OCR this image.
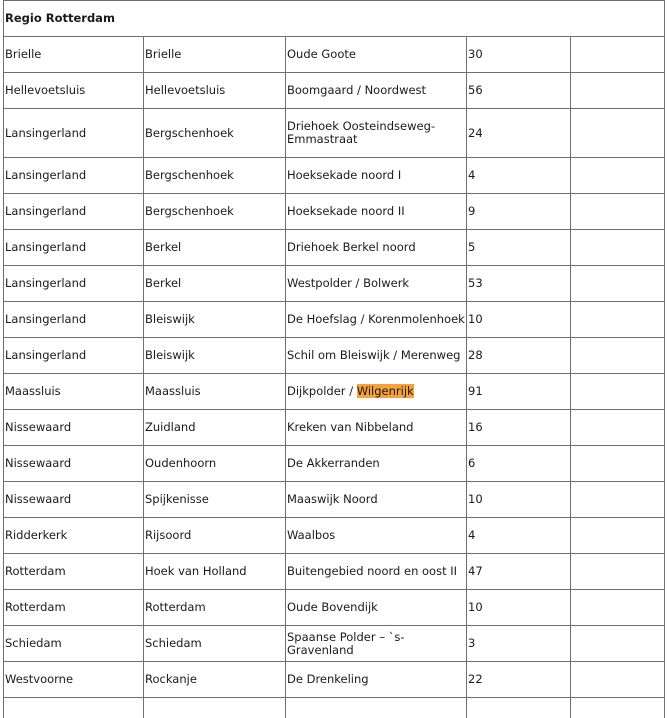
Regio Rotterdam				
Brielle	Brielle	Oude Goote	30	
Hellevoetsluis	Hellevoetsluis	Boomgaard / Noordwest	56	
Lansingerland	Bergschenhoek	Driehoek Oosteindseweg-Emmastraat	24	
Lansingerland	Bergschenhoek	Hoeksekade noord I	4	
Lansingerland	Bergschenhoek	Hoeksekade noord II	9	
Lansingerland	Berkel	Driehoek Berkel noord	5	
Lansingerland	Berkel	Westpolder / Bolwerk	53	
Lansingerland	Bleiswijk	De Hoefslag / Korenmolenhoek	10	
Lansingerland	Bleiswijk	Schil om Bleiswijk / Merenweg	28	
Maassluis	Maassluis	Dijkpolder / Wilgenrijk	91	
Nissewaard	Zuidland	Kreken van Nibbeland	16	
Nissewaard	Oudenhoorn	De Akkerranden	6	
Nissewaard	Spijkenisse	Maaswijk Noord	10	
Ridderkerk	Rijsoord	Waalbos	4	
Rotterdam	Hoek van Holland	Buitengebied noord en oost II	47	
Rotterdam	Rotterdam	Oude Bovendijk	10	
Schiedam	Schiedam	Spaanse Polder – `s-Gravenland	3	
Westvoorne	Rockanje	De Drenkeling	22	
